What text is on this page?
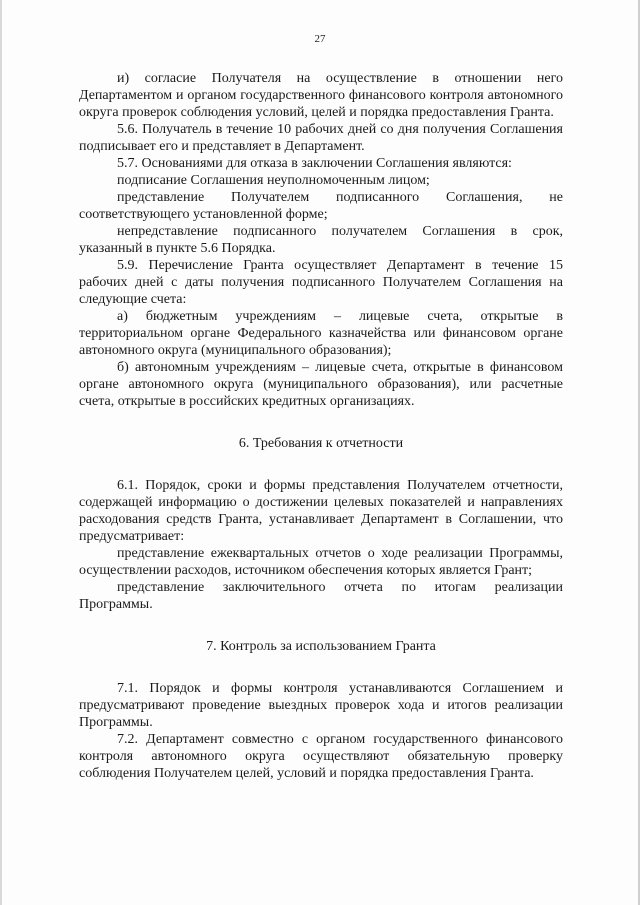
27

и) согласие Получателя на осуществление в отношении него Департаментом и органом государственного финансового контроля автономного округа проверок соблюдения условий, целей и порядка предоставления Гранта.

5.6. Получатель в течение 10 рабочих дней со дня получения Соглашения подписывает его и представляет в Департамент.

5.7. Основаниями для отказа в заключении Соглашения являются:

подписание Соглашения неуполномоченным лицом;

представление Получателем подписанного Соглашения, не соответствующего установленной форме;

непредставление подписанного получателем Соглашения в срок, указанный в пункте 5.6 Порядка.

5.9. Перечисление Гранта осуществляет Департамент в течение 15 рабочих дней с даты получения подписанного Получателем Соглашения на следующие счета:

а) бюджетным учреждениям – лицевые счета, открытые в территориальном органе Федерального казначейства или финансовом органе автономного округа (муниципального образования);

б) автономным учреждениям – лицевые счета, открытые в финансовом органе автономного округа (муниципального образования), или расчетные счета, открытые в российских кредитных организациях.

6. Требования к отчетности

6.1. Порядок, сроки и формы представления Получателем отчетности, содержащей информацию о достижении целевых показателей и направлениях расходования средств Гранта, устанавливает Департамент в Соглашении, что предусматривает:

представление ежеквартальных отчетов о ходе реализации Программы, осуществлении расходов, источником обеспечения которых является Грант;

представление заключительного отчета по итогам реализации Программы.

7. Контроль за использованием Гранта

7.1. Порядок и формы контроля устанавливаются Соглашением и предусматривают проведение выездных проверок хода и итогов реализации Программы.

7.2. Департамент совместно с органом государственного финансового контроля автономного округа осуществляют обязательную проверку соблюдения Получателем целей, условий и порядка предоставления Гранта.
